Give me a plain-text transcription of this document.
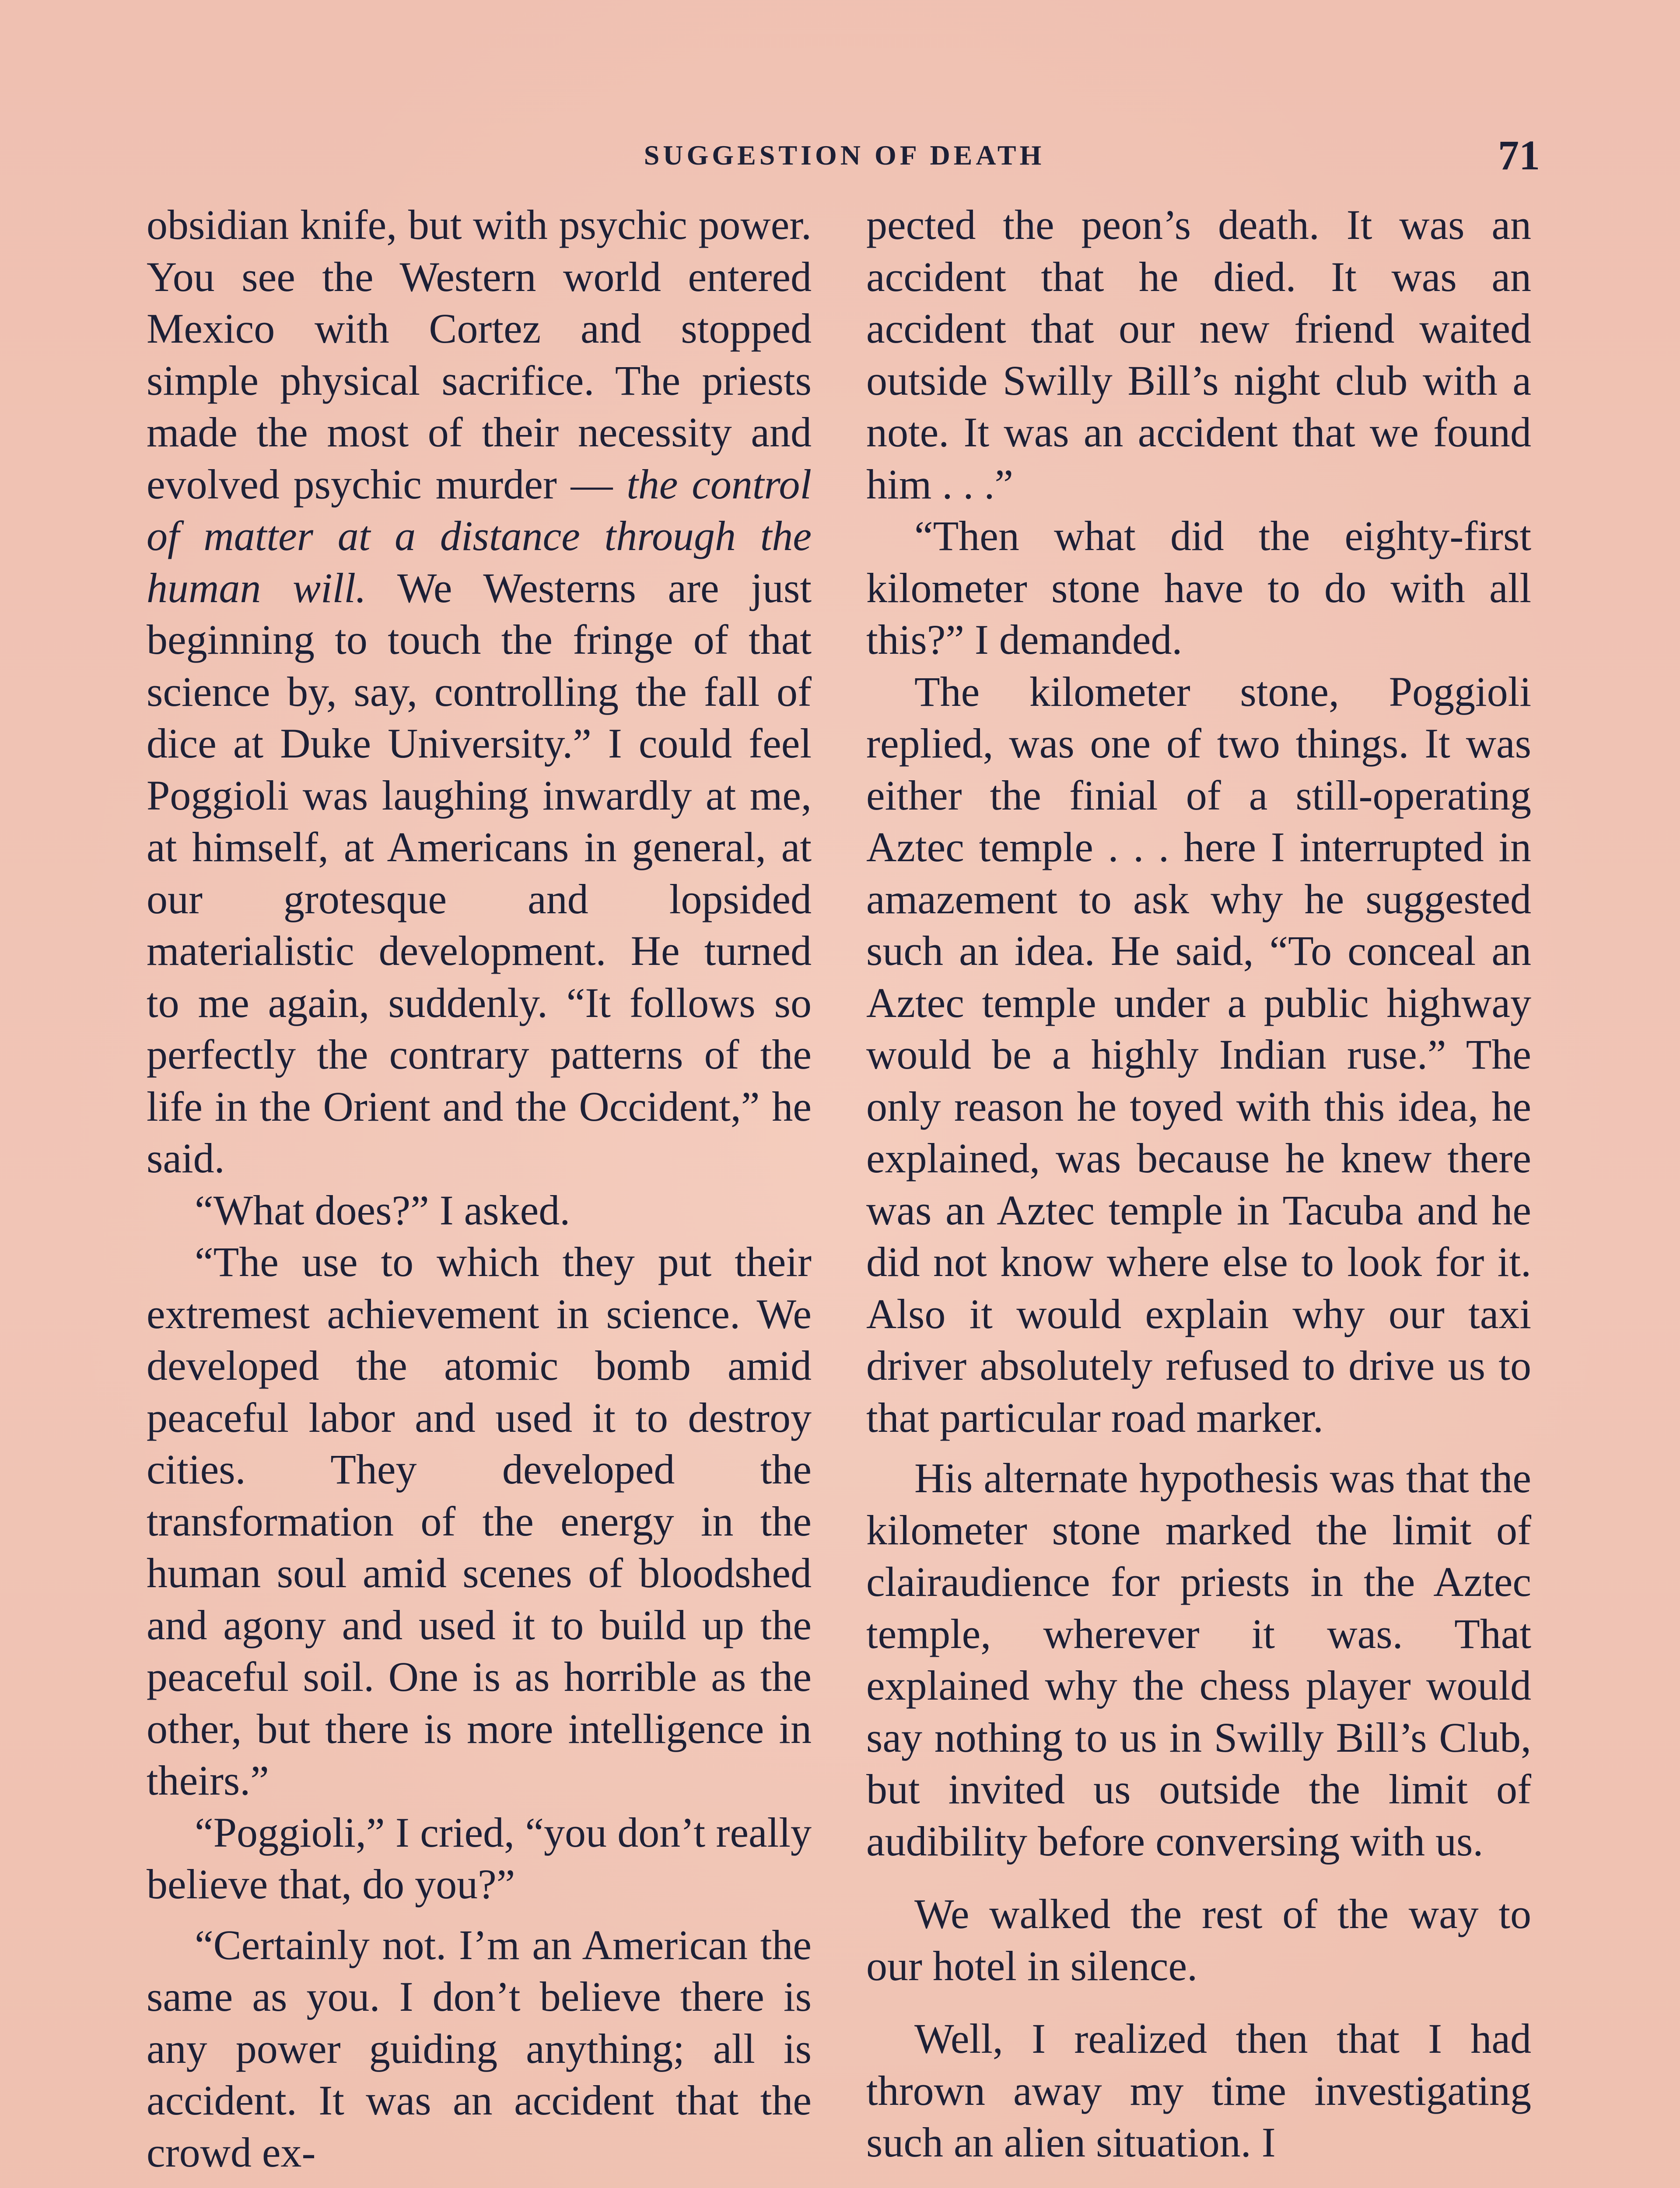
SUGGESTION OF DEATH	71

obsidian knife, but with psychic power. You see the Western world entered Mexico with Cortez and stopped simple physical sacrifice. The priests made the most of their necessity and evolved psychic murder — the control of matter at a distance through the human will. We Westerns are just beginning to touch the fringe of that science by, say, controlling the fall of dice at Duke University.” I could feel Poggioli was laughing inwardly at me, at himself, at Americans in general, at our grotesque and lopsided materialistic development. He turned to me again, suddenly. “It follows so perfectly the contrary patterns of the life in the Orient and the Occident,” he said.

“What does?” I asked.

“The use to which they put their extremest achievement in science. We developed the atomic bomb amid peaceful labor and used it to destroy cities. They developed the transformation of the energy in the human soul amid scenes of bloodshed and agony and used it to build up the peaceful soil. One is as horrible as the other, but there is more intelligence in theirs.”

“Poggioli,” I cried, “you don’t really believe that, do you?”

“Certainly not. I’m an American the same as you. I don’t believe there is any power guiding anything; all is accident. It was an accident that the crowd ex-

pected the peon’s death. It was an accident that he died. It was an accident that our new friend waited outside Swilly Bill’s night club with a note. It was an accident that we found him . . .”

“Then what did the eighty-first kilometer stone have to do with all this?” I demanded.

The kilometer stone, Poggioli replied, was one of two things. It was either the finial of a still-operating Aztec temple . . . here I interrupted in amazement to ask why he suggested such an idea. He said, “To conceal an Aztec temple under a public highway would be a highly Indian ruse.” The only reason he toyed with this idea, he explained, was because he knew there was an Aztec temple in Tacuba and he did not know where else to look for it. Also it would explain why our taxi driver absolutely refused to drive us to that particular road marker.

His alternate hypothesis was that the kilometer stone marked the limit of clairaudience for priests in the Aztec temple, wherever it was. That explained why the chess player would say nothing to us in Swilly Bill’s Club, but invited us outside the limit of audibility before conversing with us.

We walked the rest of the way to our hotel in silence.

Well, I realized then that I had thrown away my time investigating such an alien situation. I
